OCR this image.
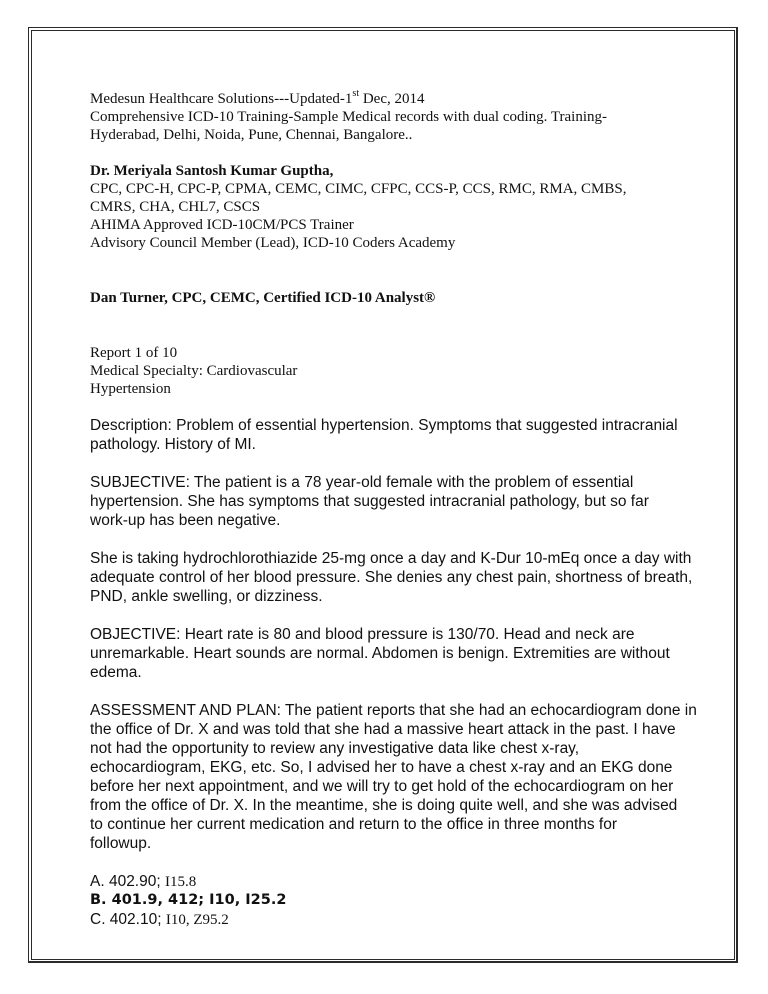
Medesun Healthcare Solutions---Updated-1st Dec, 2014
Comprehensive ICD-10 Training-Sample Medical records with dual coding. Training-
Hyderabad, Delhi, Noida, Pune, Chennai, Bangalore..
Dr. Meriyala Santosh Kumar Guptha,
CPC, CPC-H, CPC-P, CPMA, CEMC, CIMC, CFPC, CCS-P, CCS, RMC, RMA, CMBS,
CMRS, CHA, CHL7, CSCS
AHIMA Approved ICD-10CM/PCS Trainer
Advisory Council Member (Lead), ICD-10 Coders Academy
Dan Turner, CPC, CEMC, Certified ICD-10 Analyst®
Report 1 of 10
Medical Specialty: Cardiovascular
Hypertension
Description: Problem of essential hypertension. Symptoms that suggested intracranial
pathology. History of MI.
SUBJECTIVE: The patient is a 78 year-old female with the problem of essential
hypertension. She has symptoms that suggested intracranial pathology, but so far
work-up has been negative.
She is taking hydrochlorothiazide 25-mg once a day and K-Dur 10-mEq once a day with
adequate control of her blood pressure. She denies any chest pain, shortness of breath,
PND, ankle swelling, or dizziness.
OBJECTIVE: Heart rate is 80 and blood pressure is 130/70. Head and neck are
unremarkable. Heart sounds are normal. Abdomen is benign. Extremities are without
edema.
ASSESSMENT AND PLAN: The patient reports that she had an echocardiogram done in
the office of Dr. X and was told that she had a massive heart attack in the past. I have
not had the opportunity to review any investigative data like chest x-ray,
echocardiogram, EKG, etc. So, I advised her to have a chest x-ray and an EKG done
before her next appointment, and we will try to get hold of the echocardiogram on her
from the office of Dr. X. In the meantime, she is doing quite well, and she was advised
to continue her current medication and return to the office in three months for
followup.
A. 402.90; I15.8
B. 401.9, 412; I10, I25.2
C. 402.10; I10, Z95.2
